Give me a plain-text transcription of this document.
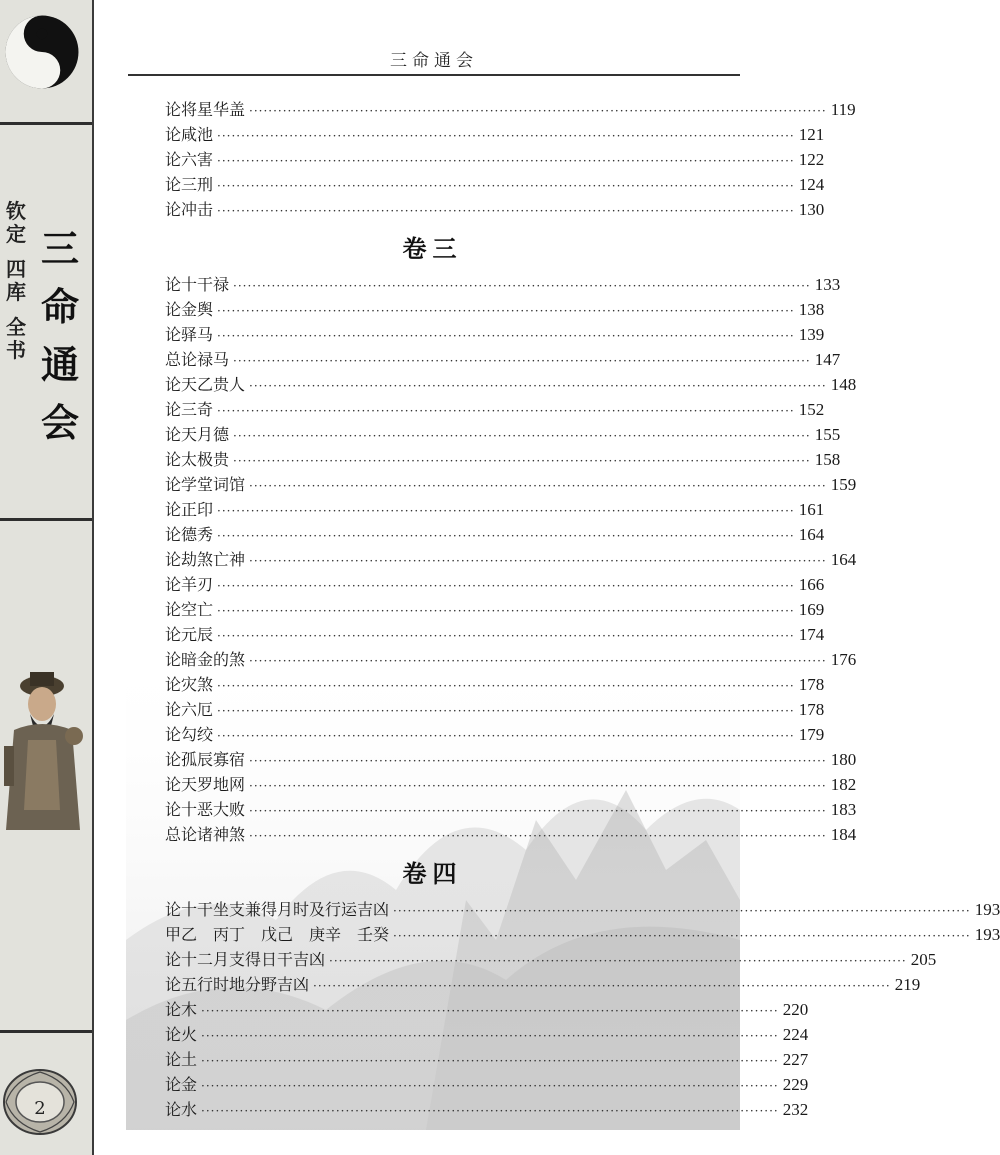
钦
定
四
库
全
书
三
命
通
会
2
三命通会
论将星华盖 ························································································································ 119
论咸池 ························································································································ 121
论六害 ························································································································ 122
论三刑 ························································································································ 124
论冲击 ························································································································ 130
卷三
论十干禄 ························································································································ 133
论金舆 ························································································································ 138
论驿马 ························································································································ 139
总论禄马 ························································································································ 147
论天乙贵人 ························································································································ 148
论三奇 ························································································································ 152
论天月德 ························································································································ 155
论太极贵 ························································································································ 158
论学堂词馆 ························································································································ 159
论正印 ························································································································ 161
论德秀 ························································································································ 164
论劫煞亡神 ························································································································ 164
论羊刃 ························································································································ 166
论空亡 ························································································································ 169
论元辰 ························································································································ 174
论暗金的煞 ························································································································ 176
论灾煞 ························································································································ 178
论六厄 ························································································································ 178
论勾绞 ························································································································ 179
论孤辰寡宿 ························································································································ 180
论天罗地网 ························································································································ 182
论十恶大败 ························································································································ 183
总论诸神煞 ························································································································ 184
卷四
论十干坐支兼得月时及行运吉凶 ························································································································ 193
甲乙　丙丁　戊己　庚辛　壬癸 ························································································································ 193
论十二月支得日干吉凶 ························································································································ 205
论五行时地分野吉凶 ························································································································ 219
论木 ························································································································ 220
论火 ························································································································ 224
论土 ························································································································ 227
论金 ························································································································ 229
论水 ························································································································ 232
